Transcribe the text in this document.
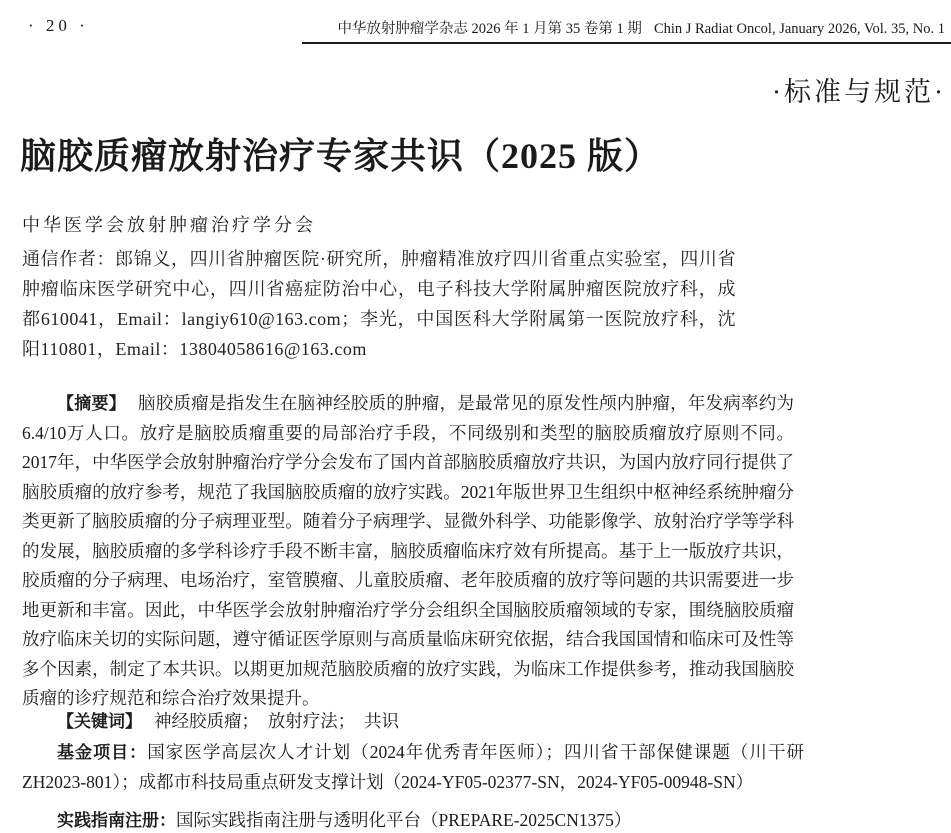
· 20 ·	中华放射肿瘤学杂志 2026 年 1 月第 35 卷第 1 期 Chin J Radiat Oncol, January 2026, Vol. 35, No. 1
·标准与规范·
脑胶质瘤放射治疗专家共识（2025 版）
中华医学会放射肿瘤治疗学分会

通信作者：郎锦义，四川省肿瘤医院·研究所，肿瘤精准放疗四川省重点实验室，四川省肿瘤临床医学研究中心，四川省癌症防治中心，电子科技大学附属肿瘤医院放疗科，成都610041，Email：langiy610@163.com；李光，中国医科大学附属第一医院放疗科，沈阳110801，Email：13804058616@163.com

【摘要】 脑胶质瘤是指发生在脑神经胶质的肿瘤，是最常见的原发性颅内肿瘤，年发病率约为6.4/10万人口。放疗是脑胶质瘤重要的局部治疗手段，不同级别和类型的脑胶质瘤放疗原则不同。2017年，中华医学会放射肿瘤治疗学分会发布了国内首部脑胶质瘤放疗共识，为国内放疗同行提供了脑胶质瘤的放疗参考，规范了我国脑胶质瘤的放疗实践。2021年版世界卫生组织中枢神经系统肿瘤分类更新了脑胶质瘤的分子病理亚型。随着分子病理学、显微外科学、功能影像学、放射治疗学等学科的发展，脑胶质瘤的多学科诊疗手段不断丰富，脑胶质瘤临床疗效有所提高。基于上一版放疗共识，胶质瘤的分子病理、电场治疗，室管膜瘤、儿童胶质瘤、老年胶质瘤的放疗等问题的共识需要进一步地更新和丰富。因此，中华医学会放射肿瘤治疗学分会组织全国脑胶质瘤领域的专家，围绕脑胶质瘤放疗临床关切的实际问题，遵守循证医学原则与高质量临床研究依据，结合我国国情和临床可及性等多个因素，制定了本共识。以期更加规范脑胶质瘤的放疗实践，为临床工作提供参考，推动我国脑胶质瘤的诊疗规范和综合治疗效果提升。

【关键词】 神经胶质瘤；　放射疗法；　共识

基金项目：国家医学高层次人才计划（2024年优秀青年医师）；四川省干部保健课题（川干研ZH2023-801）；成都市科技局重点研发支撑计划（2024-YF05-02377-SN，2024-YF05-00948-SN）

实践指南注册：国际实践指南注册与透明化平台（PREPARE-2025CN1375）
